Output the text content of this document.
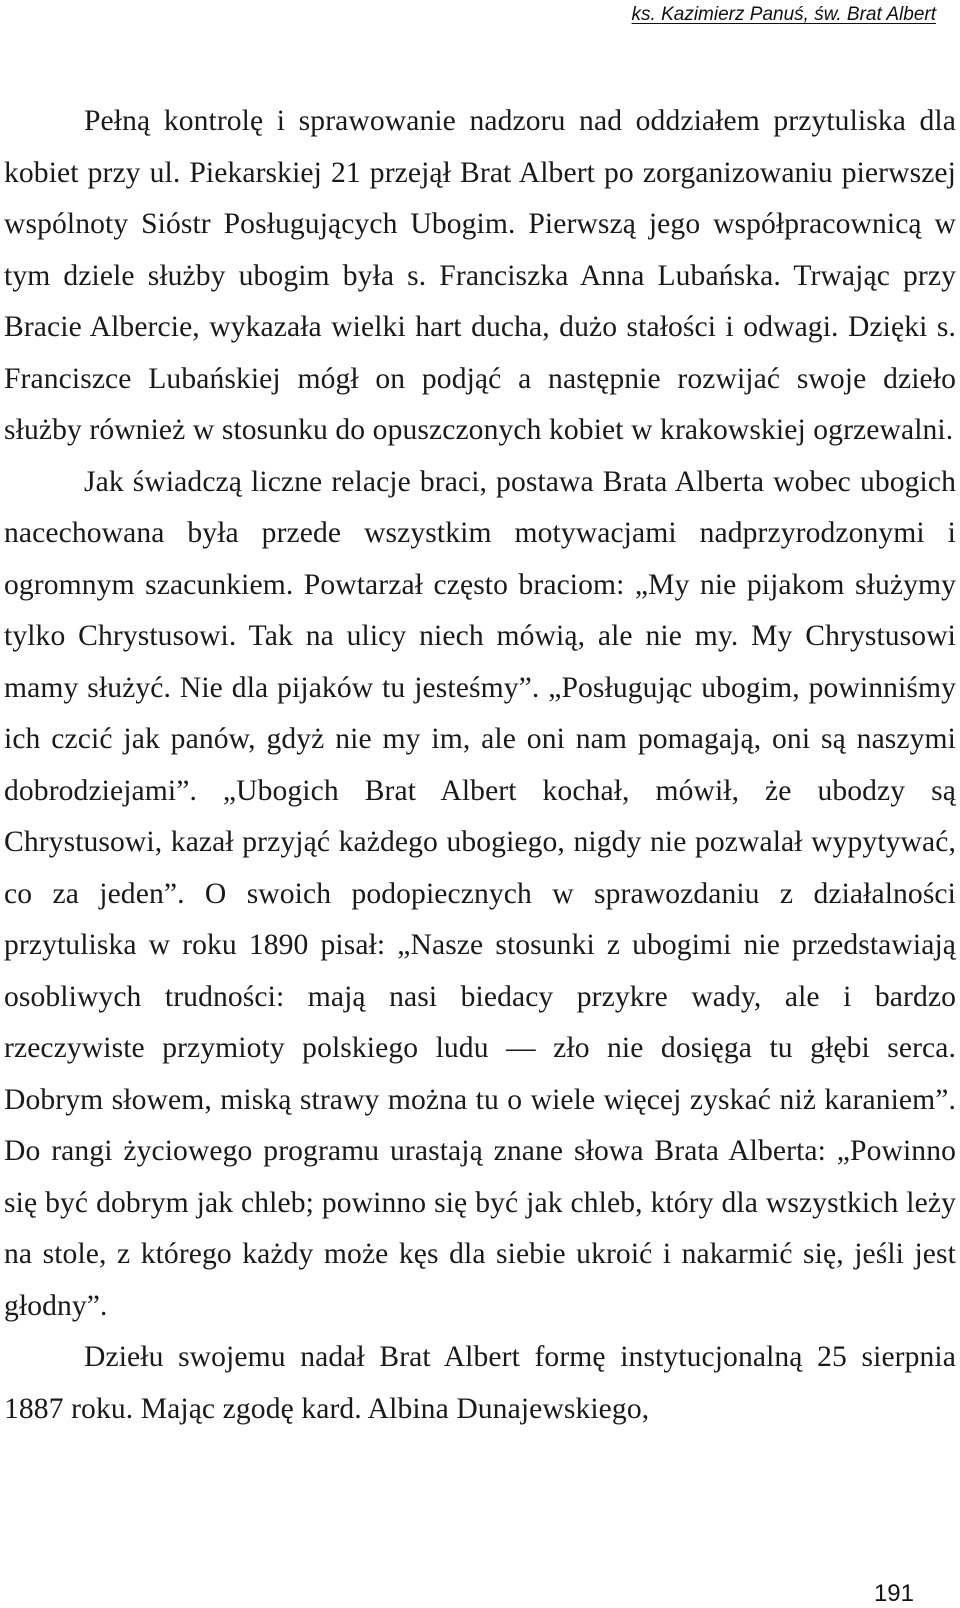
ks. Kazimierz Panuś, św. Brat Albert

Pełną kontrolę i sprawowanie nadzoru nad oddziałem przytuliska dla kobiet przy ul. Piekarskiej 21 przejął Brat Albert po zorganizowaniu pierwszej wspólnoty Sióstr Posługujących Ubogim. Pierwszą jego współpracownicą w tym dziele służby ubogim była s. Franciszka Anna Lubańska. Trwając przy Bracie Albercie, wykazała wielki hart ducha, dużo stałości i odwagi. Dzięki s. Franciszce Lubańskiej mógł on podjąć a następnie rozwijać swoje dzieło służby również w stosunku do opuszczonych kobiet w krakowskiej ogrzewalni.

Jak świadczą liczne relacje braci, postawa Brata Alberta wobec ubogich nacechowana była przede wszystkim motywacjami nadprzyrodzonymi i ogromnym szacunkiem. Powtarzał często braciom: „My nie pijakom służymy tylko Chrystusowi. Tak na ulicy niech mówią, ale nie my. My Chrystusowi mamy służyć. Nie dla pijaków tu jesteśmy”. „Posługując ubogim, powinniśmy ich czcić jak panów, gdyż nie my im, ale oni nam pomagają, oni są naszymi dobrodziejami”. „Ubogich Brat Albert kochał, mówił, że ubodzy są Chrystusowi, kazał przyjąć każdego ubogiego, nigdy nie pozwalał wypytywać, co za jeden”. O swoich podopiecznych w sprawozdaniu z działalności przytuliska w roku 1890 pisał: „Nasze stosunki z ubogimi nie przedstawiają osobliwych trudności: mają nasi biedacy przykre wady, ale i bardzo rzeczywiste przymioty polskiego ludu — zło nie dosięga tu głębi serca. Dobrym słowem, miską strawy można tu o wiele więcej zyskać niż karaniem”. Do rangi życiowego programu urastają znane słowa Brata Alberta: „Powinno się być dobrym jak chleb; powinno się być jak chleb, który dla wszystkich leży na stole, z którego każdy może kęs dla siebie ukroić i nakarmić się, jeśli jest głodny”.

Dziełu swojemu nadał Brat Albert formę instytucjonalną 25 sierpnia 1887 roku. Mając zgodę kard. Albina Dunajewskiego,

191
